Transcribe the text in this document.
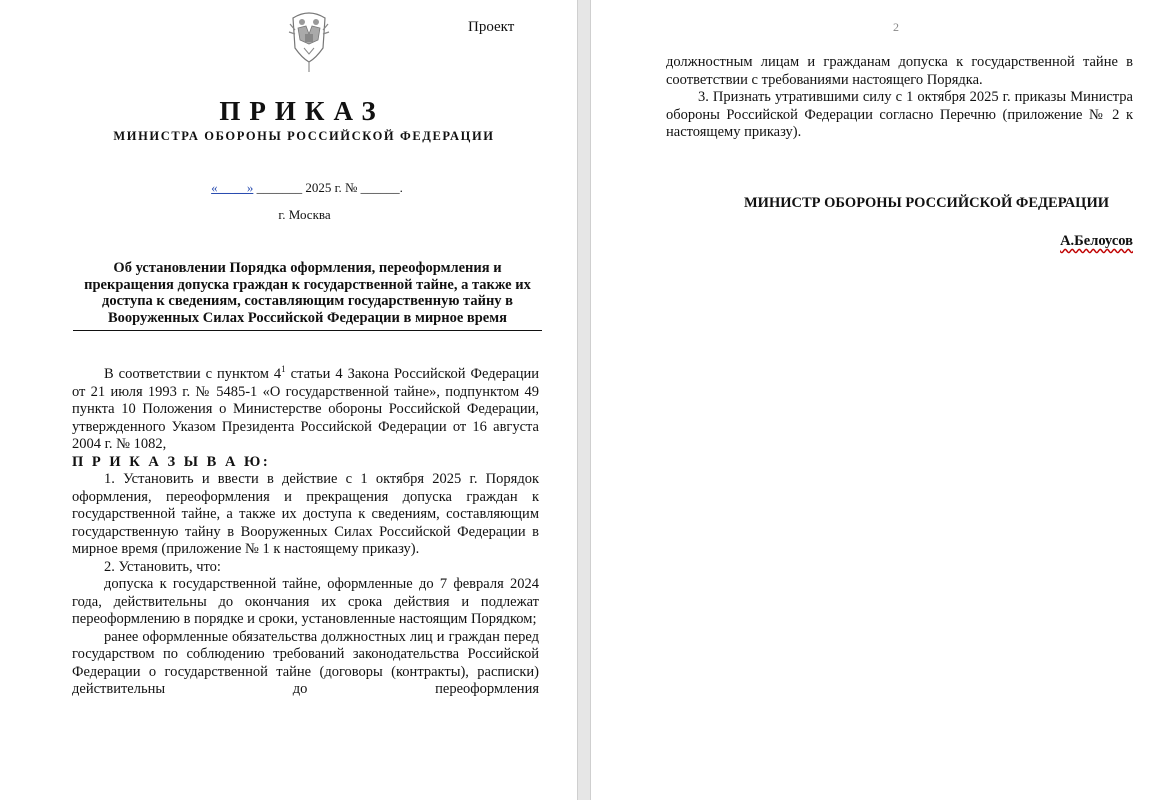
Проект
ПРИКАЗ
МИНИСТРА ОБОРОНЫ РОССИЙСКОЙ ФЕДЕРАЦИИ
«__ __» _______ 2025 г. № ______.
г. Москва
Об установлении Порядка оформления, переоформления и прекращения допуска граждан к государственной тайне, а также их доступа к сведениям, составляющим государственную тайну в Вооруженных Силах Российской Федерации в мирное время

В соответствии с пунктом $4^1$ статьи 4 Закона Российской Федерации от 21 июля 1993 г. № 5485-1 «О государственной тайне», подпунктом 49 пункта 10 Положения о Министерстве обороны Российской Федерации, утвержденного Указом Президента Российской Федерации от 16 августа 2004 г. № 1082,

П Р И К А З Ы В А Ю:

1. Установить и ввести в действие с 1 октября 2025 г. Порядок оформления, переоформления и прекращения допуска граждан к государственной тайне, а также их доступа к сведениям, составляющим государственную тайну в Вооруженных Силах Российской Федерации в мирное время (приложение № 1 к настоящему приказу).

2. Установить, что:

допуска к государственной тайне, оформленные до 7 февраля 2024 года, действительны до окончания их срока действия и подлежат переоформлению в порядке и сроки, установленные настоящим Порядком;

ранее оформленные обязательства должностных лиц и граждан перед государством по соблюдению требований законодательства Российской Федерации о государственной тайне (договоры (контракты), расписки) действительны до переоформления

2

должностным лицам и гражданам допуска к государственной тайне в соответствии с требованиями настоящего Порядка.

3. Признать утратившими силу с 1 октября 2025 г. приказы Министра обороны Российской Федерации согласно Перечню (приложение № 2 к настоящему приказу).

МИНИСТР ОБОРОНЫ РОССИЙСКОЙ ФЕДЕРАЦИИ
А.Белоусов
